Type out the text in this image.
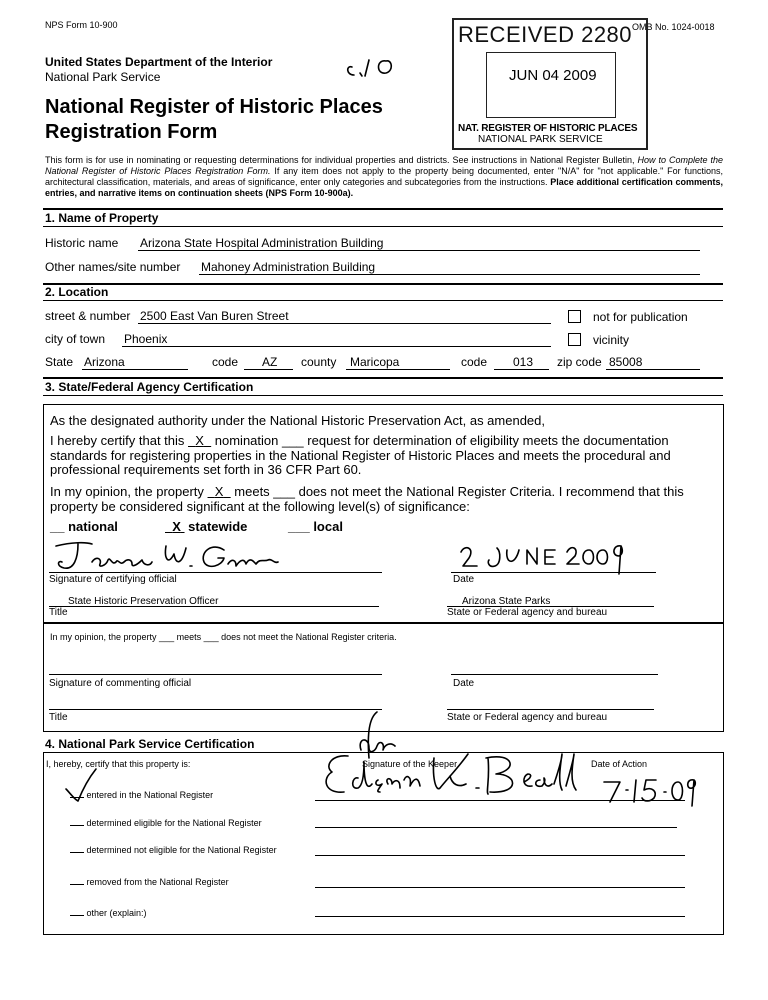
NPS Form 10-900	OMB No. 1024-0018
United States Department of the Interior
National Park Service
National Register of Historic Places
Registration Form
RECEIVED 2280
JUN 04 2009
NAT. REGISTER OF HISTORIC PLACES
NATIONAL PARK SERVICE
This form is for use in nominating or requesting determinations for individual properties and districts. See instructions in National Register Bulletin, How to Complete the National Register of Historic Places Registration Form. If any item does not apply to the property being documented, enter "N/A" for "not applicable." For functions, architectural classification, materials, and areas of significance, enter only categories and subcategories from the instructions. Place additional certification comments, entries, and narrative items on continuation sheets (NPS Form 10-900a).
1. Name of Property
Historic name Arizona State Hospital Administration Building
Other names/site number Mahoney Administration Building
2. Location
street & number 2500 East Van Buren Street	not for publication
city of town Phoenix	vicinity
State Arizona	code AZ county Maricopa	code 013 zip code 85008
3. State/Federal Agency Certification
As the designated authority under the National Historic Preservation Act, as amended,
I hereby certify that this   X   nomination ___ request for determination of eligibility meets the documentation standards for registering properties in the National Register of Historic Places and meets the procedural and professional requirements set forth in 36 CFR Part 60.
In my opinion, the property   X   meets ___ does not meet the National Register Criteria. I recommend that this property be considered significant at the following level(s) of significance:
__ national	X statewide	___ local
Signature of certifying official	Date
State Historic Preservation Officer
Title
Arizona State Parks
State or Federal agency and bureau
In my opinion, the property ___ meets ___ does not meet the National Register criteria.
Signature of commenting official	Date
Title	State or Federal agency and bureau
4. National Park Service Certification
I, hereby, certify that this property is:	Signature of the Keeper	Date of Action
entered in the National Register
determined eligible for the National Register
determined not eligible for the National Register
removed from the National Register
other (explain:)
